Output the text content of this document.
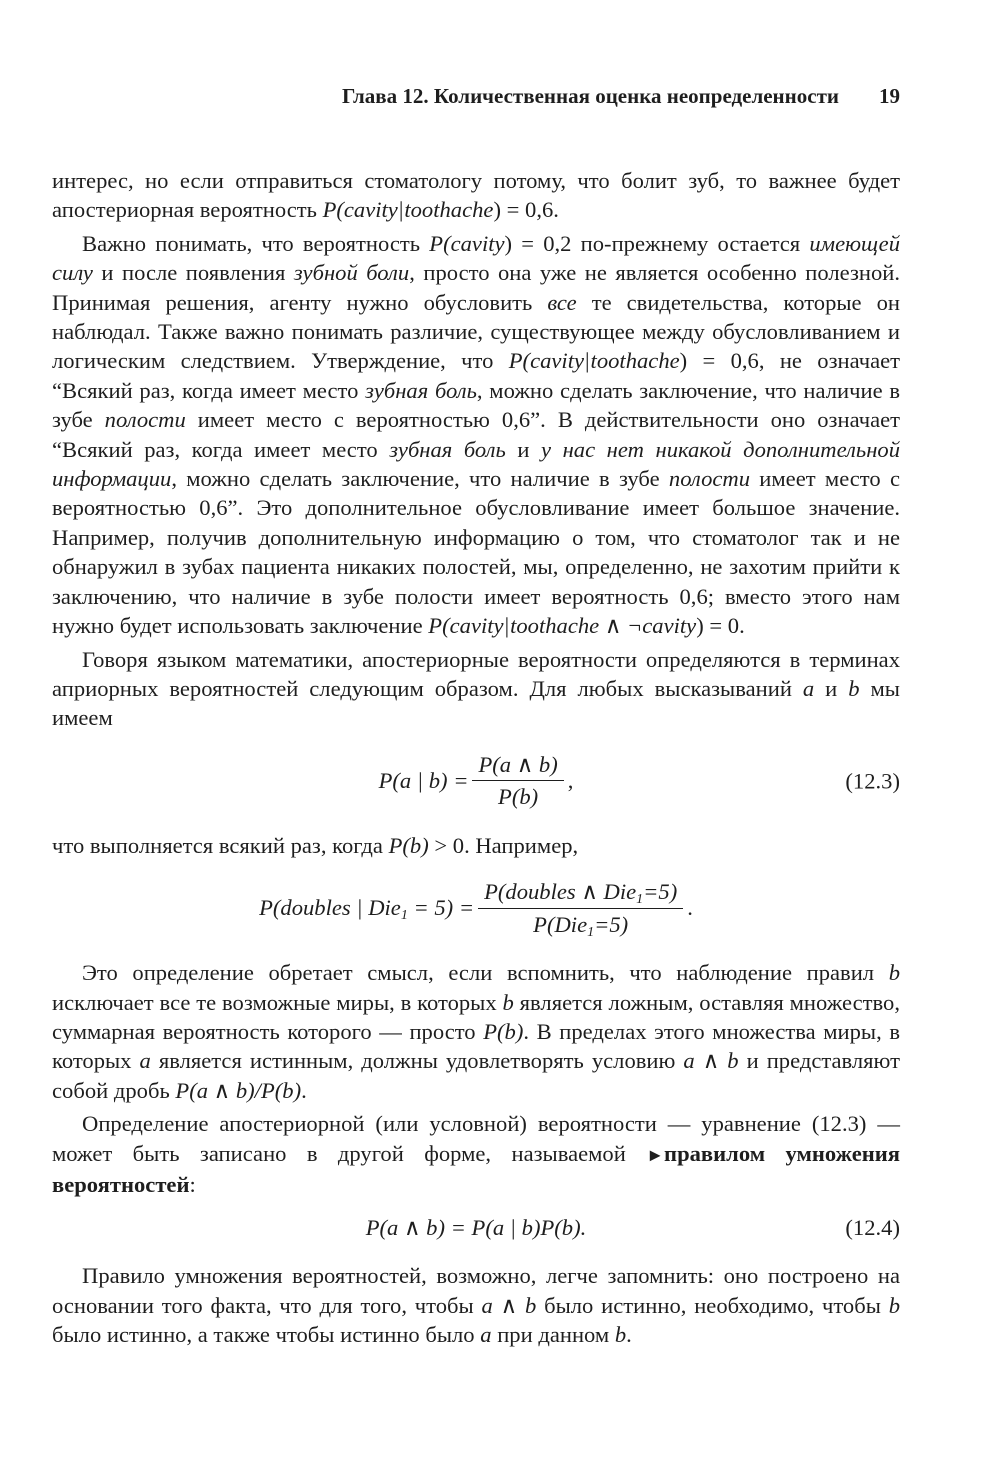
Глава 12. Количественная оценка неопределенности 19

интерес, но если отправиться стоматологу потому, что болит зуб, то важнее будет апостериорная вероятность P(cavity|toothache) = 0,6.

Важно понимать, что вероятность P(cavity) = 0,2 по-прежнему остается имеющей силу и после появления зубной боли, просто она уже не является особенно полезной. Принимая решения, агенту нужно обусловить все те свидетельства, которые он наблюдал. Также важно понимать различие, существующее между обусловливанием и логическим следствием. Утверждение, что P(cavity|toothache) = 0,6, не означает “Всякий раз, когда имеет место зубная боль, можно сделать заключение, что наличие в зубе полости имеет место с вероятностью 0,6”. В действительности оно означает “Всякий раз, когда имеет место зубная боль и у нас нет никакой дополнительной информации, можно сделать заключение, что наличие в зубе полости имеет место с вероятностью 0,6”. Это дополнительное обусловливание имеет большое значение. Например, получив дополнительную информацию о том, что стоматолог так и не обнаружил в зубах пациента никаких полостей, мы, определенно, не захотим прийти к заключению, что наличие в зубе полости имеет вероятность 0,6; вместо этого нам нужно будет использовать заключение P(cavity|toothache ∧ ¬cavity) = 0.

Говоря языком математики, апостериорные вероятности определяются в терминах априорных вероятностей следующим образом. Для любых высказываний a и b мы имеем

P(a | $b) = \frac{P(a \wedge b)}{P(b)}$ ,	(12.3)

что выполняется всякий раз, когда P(b) > 0. Например,

P(doubles | $Die_1 = 5) = \frac{P(doubles \wedge Die_1=5)}{P(Die_1=5)}$ .

Это определение обретает смысл, если вспомнить, что наблюдение правил b исключает все те возможные миры, в которых b является ложным, оставляя множество, суммарная вероятность которого — просто P(b). В пределах этого множества миры, в которых a является истинным, должны удовлетворять условию a ∧ b и представляют собой дробь P(a ∧ b)/P(b).

Определение апостериорной (или условной) вероятности — уравнение (12.3) — может быть записано в другой форме, называемой ►правилом умножения вероятностей:

P(a ∧ b) = P(a | b)P(b).	(12.4)

Правило умножения вероятностей, возможно, легче запомнить: оно построено на основании того факта, что для того, чтобы a ∧ b было истинно, необходимо, чтобы b было истинно, а также чтобы истинно было a при данном b.
